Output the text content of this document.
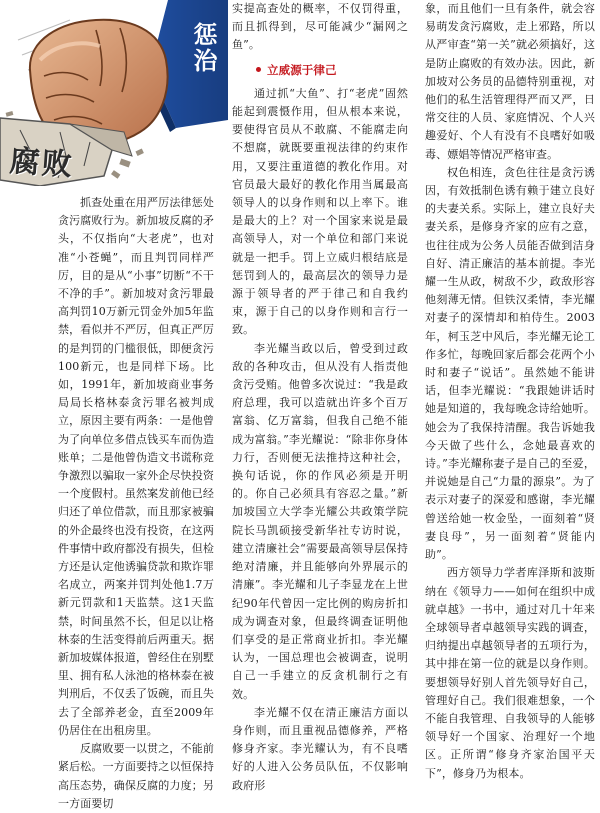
腐败
惩治

抓查处重在用严厉法律惩处贪污腐败行为。新加坡反腐的矛头，不仅指向“大老虎”，也对准“小苍蝇”，而且判罚同样严厉，目的是从“小事”切断“不干不净的手”。新加坡对贪污罪最高判罚10万新元罚金外加5年监禁，看似并不严厉，但真正严厉的是判罚的门槛很低，即便贪污100新元，也是同样下场。比如，1991年，新加坡商业事务局局长格林泰贪污罪名被判成立，原因主要有两条：一是他曾为了向单位多借点钱买车而伪造账单；二是他曾伪造文书谎称竞争激烈以骗取一家外企尽快投资一个度假村。虽然案发前他已经归还了单位借款，而且那家被骗的外企最终也没有投资，在这两件事情中政府都没有损失，但检方还是认定他诱骗贷款和欺诈罪名成立，两案并罚判处他1.7万新元罚款和1天监禁。这1天监禁，时间虽然不长，但足以让格林泰的生活变得前后两重天。据新加坡媒体报道，曾经住在别墅里、拥有私人泳池的格林泰在被判刑后，不仅丢了饭碗，而且失去了全部养老金，直至2009年仍居住在出租房里。

反腐败要一以贯之，不能前紧后松。一方面要持之以恒保持高压态势，确保反腐的力度；另一方面要切

实提高查处的概率，不仅罚得重，而且抓得到，尽可能减少“漏网之鱼”。

立威源于律己

通过抓“大鱼”、打“老虎”固然能起到震慑作用，但从根本来说，要使得官员从不敢腐、不能腐走向不想腐，就既要重视法律的约束作用，又要注重道德的教化作用。对官员最大最好的教化作用当属最高领导人的以身作则和以上率下。谁是最大的上？对一个国家来说是最高领导人，对一个单位和部门来说就是一把手。罚上立威归根结底是惩罚到人的，最高层次的领导力是源于领导者的严于律己和自我约束，源于自己的以身作则和言行一致。

李光耀当政以后，曾受到过政敌的各种攻击，但从没有人指责他贪污受贿。他曾多次说过：“我是政府总理，我可以造就出许多个百万富翁、亿万富翁，但我自己绝不能成为富翁。”李光耀说：“除非你身体力行，否则便无法推持这种社会，换句话说，你的作风必须是开明的。你自己必须具有容忍之量。”新加坡国立大学李光耀公共政策学院院长马凯硕接受新华社专访时说，建立清廉社会“需要最高领导层保持绝对清廉，并且能够向外界展示的清廉”。李光耀和儿子李显龙在上世纪90年代曾因一定比例的购房折扣成为调查对象，但最终调查证明他们享受的是正常商业折扣。李光耀认为，一国总理也会被调查，说明自己一手建立的反贪机制行之有效。

李光耀不仅在清正廉洁方面以身作则，而且重视品德修养，严格修身齐家。李光耀认为，有不良嗜好的人进入公务员队伍，不仅影响政府形

象，而且他们一旦有条件，就会容易萌发贪污腐败，走上邪路，所以从严审查“第一关”就必须搞好，这是防止腐败的有效办法。因此，新加坡对公务员的品德特别重视，对他们的私生活管理得严而又严，日常交往的人员、家庭情况、个人兴趣爱好、个人有没有不良嗜好如吸毒、嫖娼等情况严格审查。

权色相连，贪色往往是贪污诱因，有效抵制色诱有赖于建立良好的夫妻关系。实际上，建立良好夫妻关系，是修身齐家的应有之意，也往往成为公务人员能否做到洁身自好、清正廉洁的基本前提。李光耀一生从政，树敌不少，政敌形容他刻薄无情。但铁汉柔情，李光耀对妻子的深情却和柏侍生。2003年，柯玉芝中风后，李光耀无论工作多忙，每晚回家后都会花两个小时和妻子“说话”。虽然她不能讲话，但李光耀说：“我跟她讲话时她是知道的，我每晚念诗给她听。她会为了我保持清醒。我告诉她我今天做了些什么，念她最喜欢的诗。”李光耀称妻子是自己的至爱，并说她是自己“力量的源泉”。为了表示对妻子的深爱和感谢，李光耀曾送给她一枚金坠，一面刻着“贤妻良母”，另一面刻着“贤能内助”。

西方领导力学者库泽斯和波斯纳在《领导力——如何在组织中成就卓越》一书中，通过对几十年来全球领导者卓越领导实践的调查，归纳提出卓越领导者的五项行为，其中排在第一位的就是以身作则。要想领导好别人首先领导好自己，管理好自己。我们很难想象，一个不能自我管理、自我领导的人能够领导好一个国家、治理好一个地区。正所谓“修身齐家治国平天下”，修身乃为根本。
